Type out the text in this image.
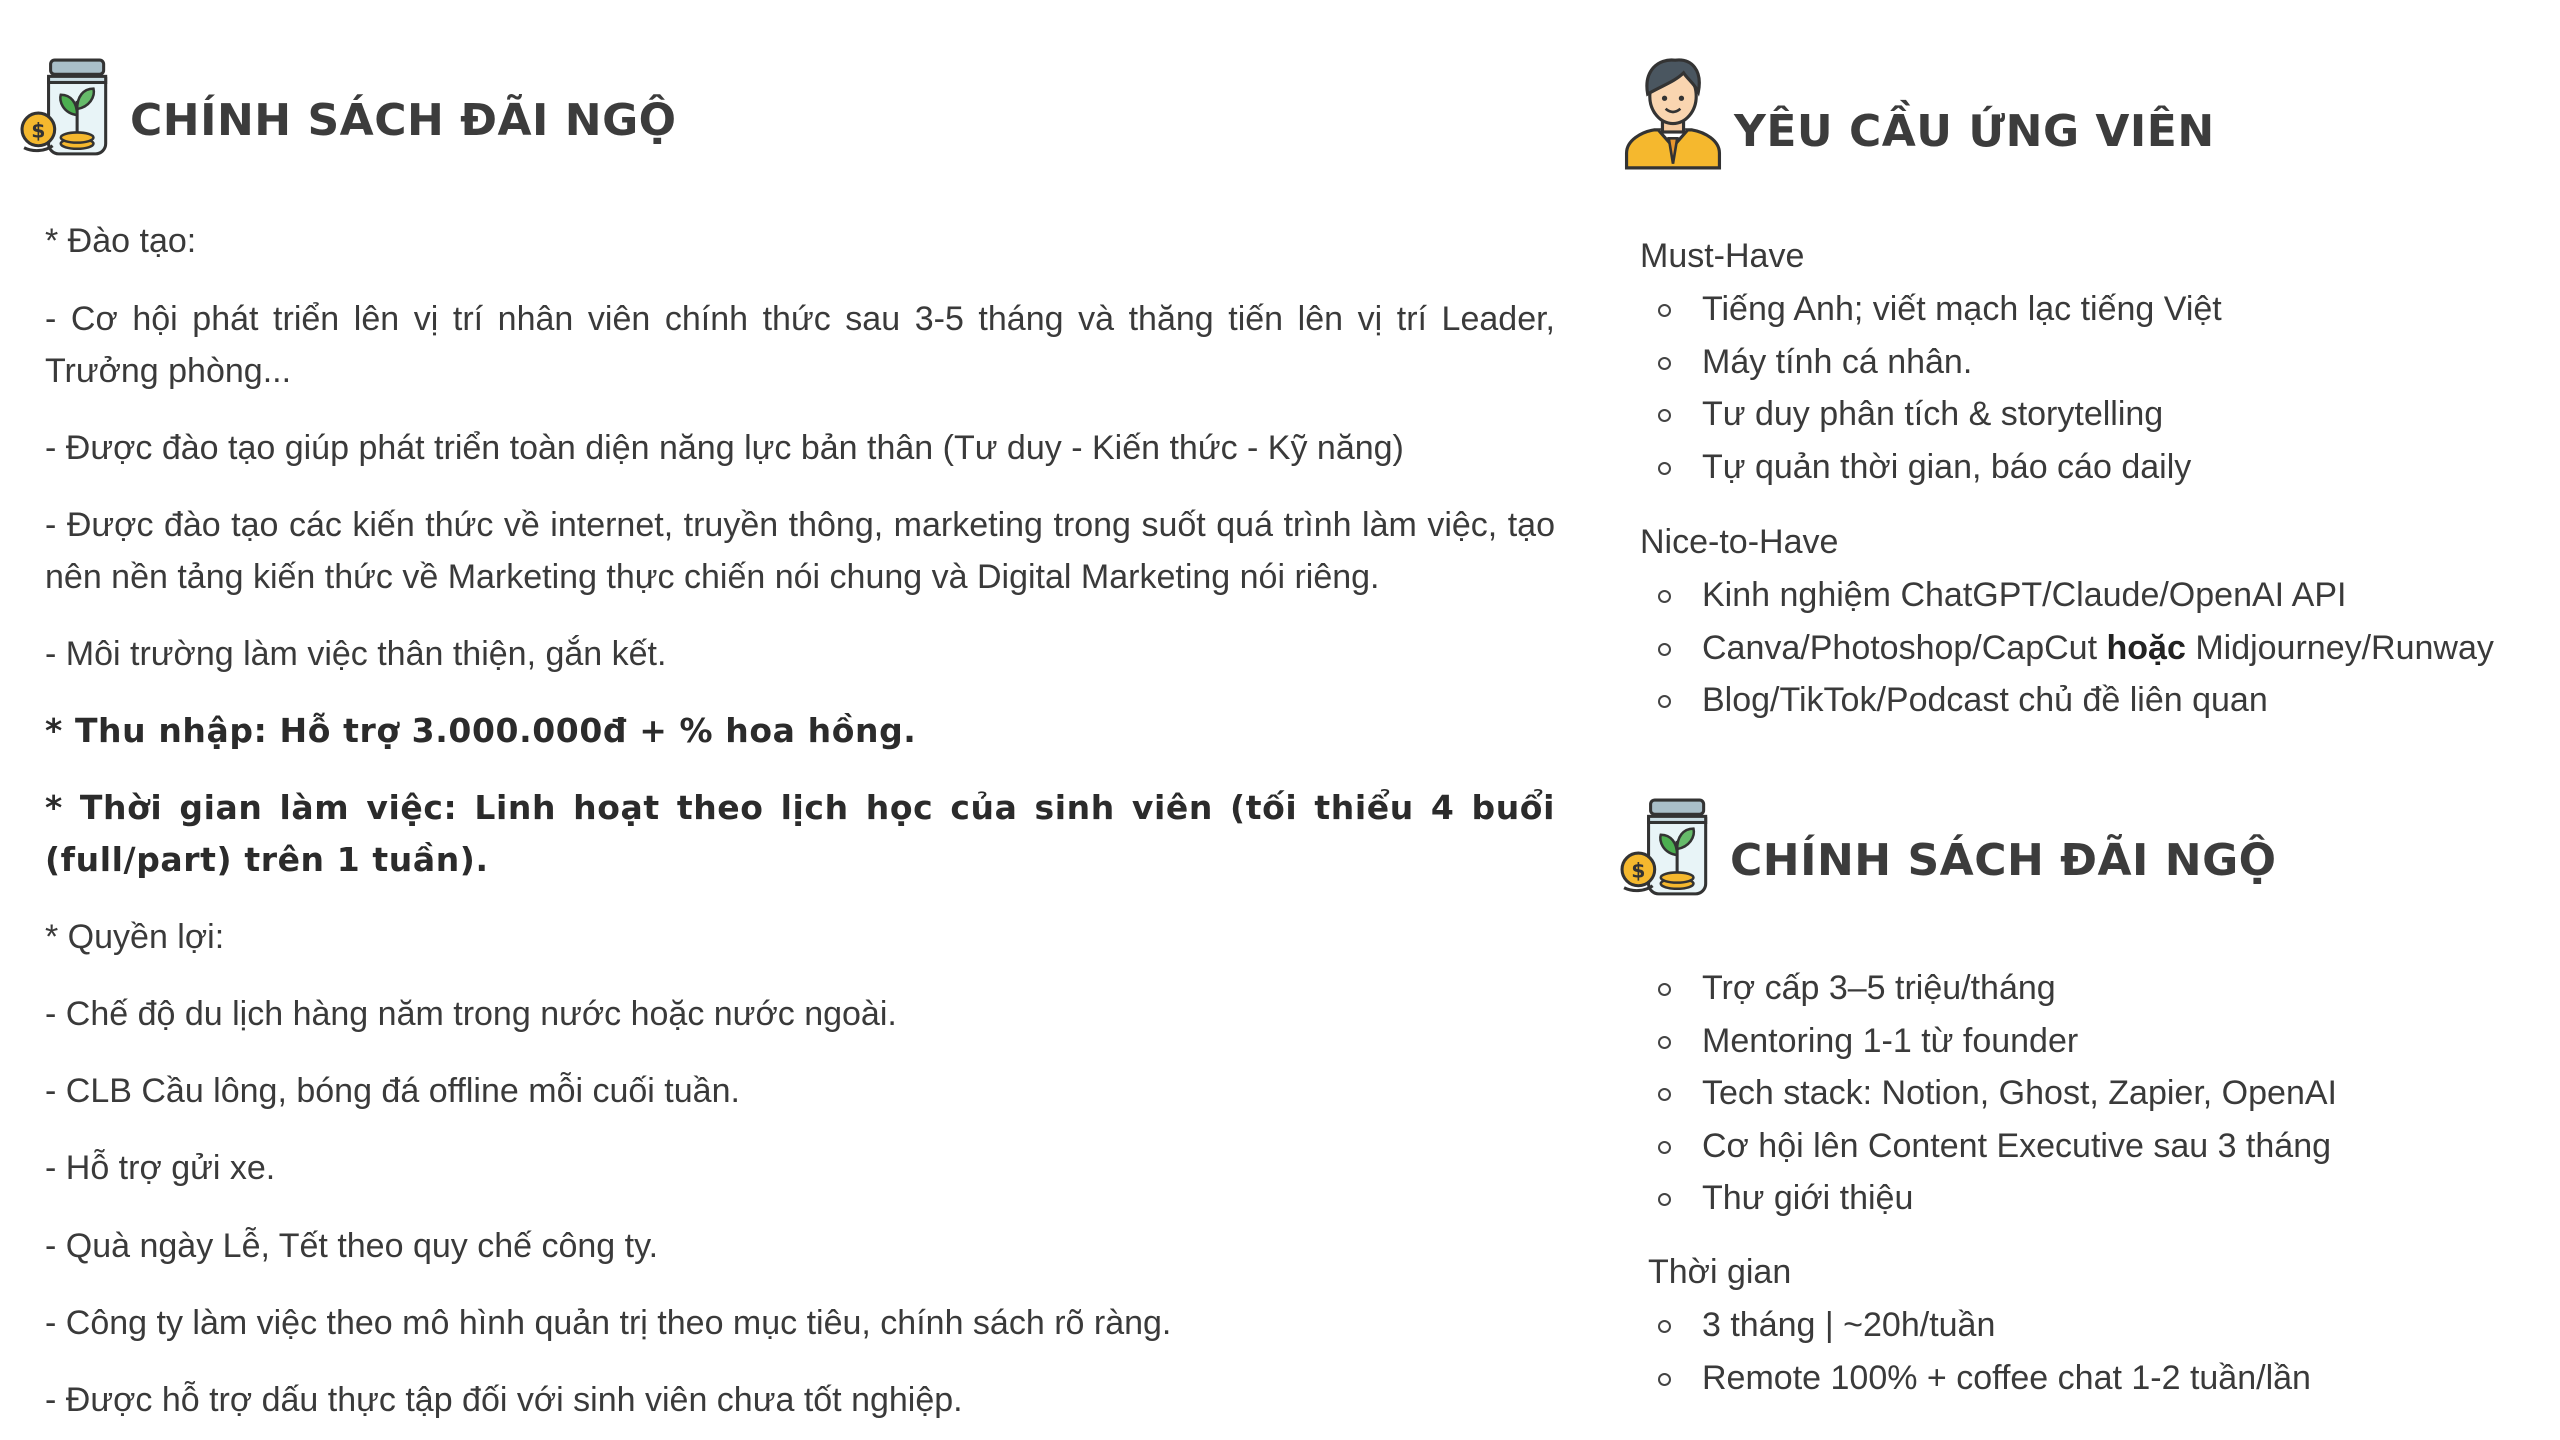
$ CHÍNH SÁCH ĐÃI NGỘ

* Đào tạo:

- Cơ hội phát triển lên vị trí nhân viên chính thức sau 3-5 tháng và thăng tiến lên vị trí Leader, Trưởng phòng...

- Được đào tạo giúp phát triển toàn diện năng lực bản thân (Tư duy - Kiến thức - Kỹ năng)

- Được đào tạo các kiến thức về internet, truyền thông, marketing trong suốt quá trình làm việc, tạo nên nền tảng kiến thức về Marketing thực chiến nói chung và Digital Marketing nói riêng.

- Môi trường làm việc thân thiện, gắn kết.

* Thu nhập: Hỗ trợ 3.000.000đ + % hoa hồng.

* Thời gian làm việc: Linh hoạt theo lịch học của sinh viên (tối thiểu 4 buổi (full/part) trên 1 tuần).

* Quyền lợi:

- Chế độ du lịch hàng năm trong nước hoặc nước ngoài.

- CLB Cầu lông, bóng đá offline mỗi cuối tuần.

- Hỗ trợ gửi xe.

- Quà ngày Lễ, Tết theo quy chế công ty.

- Công ty làm việc theo mô hình quản trị theo mục tiêu, chính sách rõ ràng.

- Được hỗ trợ dấu thực tập đối với sinh viên chưa tốt nghiệp.

YÊU CẦU ỨNG VIÊN

Must-Have

Tiếng Anh; viết mạch lạc tiếng Việt
Máy tính cá nhân.
Tư duy phân tích & storytelling
Tự quản thời gian, báo cáo daily

Nice-to-Have

Kinh nghiệm ChatGPT/Claude/OpenAI API
Canva/Photoshop/CapCut hoặc Midjourney/Runway
Blog/TikTok/Podcast chủ đề liên quan
$ CHÍNH SÁCH ĐÃI NGỘ
Trợ cấp 3–5 triệu/tháng
Mentoring 1-1 từ founder
Tech stack: Notion, Ghost, Zapier, OpenAI
Cơ hội lên Content Executive sau 3 tháng
Thư giới thiệu

Thời gian

3 tháng | ~20h/tuần
Remote 100% + coffee chat 1-2 tuần/lần
